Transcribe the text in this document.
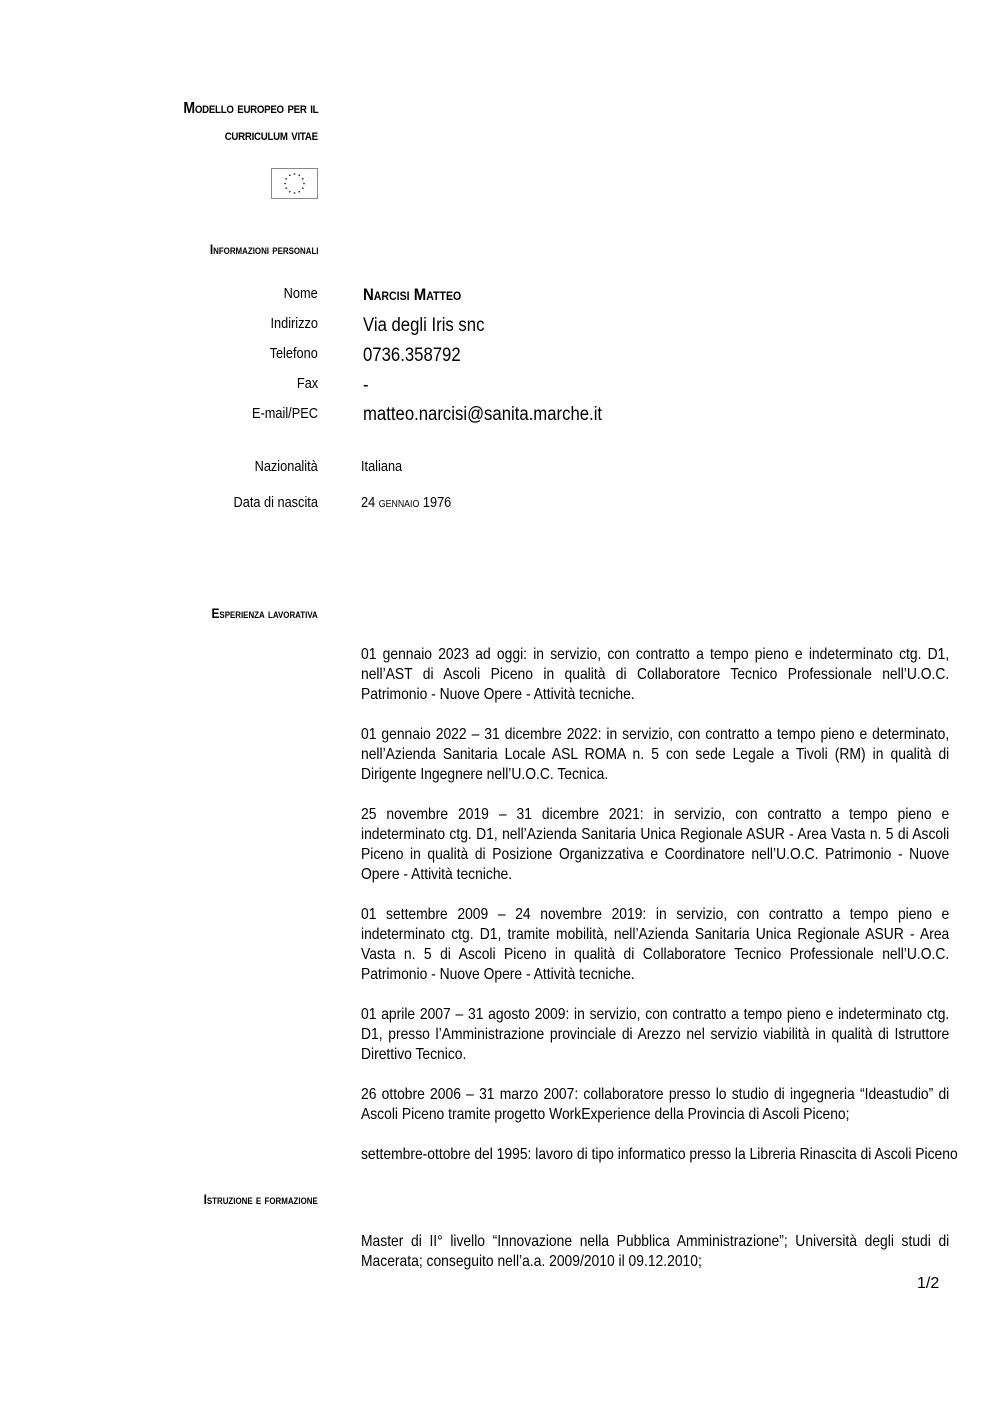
Modello europeo per il
curriculum vitae
Informazioni personali
Nome	Narcisi Matteo
Indirizzo Via degli Iris snc
Telefono 0736.358792
Fax -
E-mail/PEC matteo.narcisi@sanita.marche.it
Nazionalità	Italiana
Data di nascita	24 gennaio 1976
Esperienza lavorativa
01 gennaio 2023 ad oggi: in servizio, con contratto a tempo pieno e indeterminato ctg. D1, nell’AST di Ascoli Piceno in qualità di Collaboratore Tecnico Professionale nell’U.O.C. Patrimonio - Nuove Opere - Attività tecniche.
01 gennaio 2022 – 31 dicembre 2022: in servizio, con contratto a tempo pieno e determinato, nell’Azienda Sanitaria Locale ASL ROMA n. 5 con sede Legale a Tivoli (RM) in qualità di Dirigente Ingegnere nell’U.O.C. Tecnica.
25 novembre 2019 – 31 dicembre 2021: in servizio, con contratto a tempo pieno e indeterminato ctg. D1, nell’Azienda Sanitaria Unica Regionale ASUR - Area Vasta n. 5 di Ascoli Piceno in qualità di Posizione Organizzativa e Coordinatore nell’U.O.C. Patrimonio - Nuove Opere - Attività tecniche.
01 settembre 2009 – 24 novembre 2019: in servizio, con contratto a tempo pieno e indeterminato ctg. D1, tramite mobilità, nell’Azienda Sanitaria Unica Regionale ASUR - Area Vasta n. 5 di Ascoli Piceno in qualità di Collaboratore Tecnico Professionale nell’U.O.C. Patrimonio - Nuove Opere - Attività tecniche.
01 aprile 2007 – 31 agosto 2009: in servizio, con contratto a tempo pieno e indeterminato ctg. D1, presso l’Amministrazione provinciale di Arezzo nel servizio viabilità in qualità di Istruttore Direttivo Tecnico.
26 ottobre 2006 – 31 marzo 2007: collaboratore presso lo studio di ingegneria “Ideastudio” di Ascoli Piceno tramite progetto WorkExperience della Provincia di Ascoli Piceno;
settembre-ottobre del 1995: lavoro di tipo informatico presso la Libreria Rinascita di Ascoli Piceno
Istruzione e formazione
Master di II° livello “Innovazione nella Pubblica Amministrazione”; Università degli studi di Macerata; conseguito nell’a.a. 2009/2010 il 09.12.2010;
1/2
